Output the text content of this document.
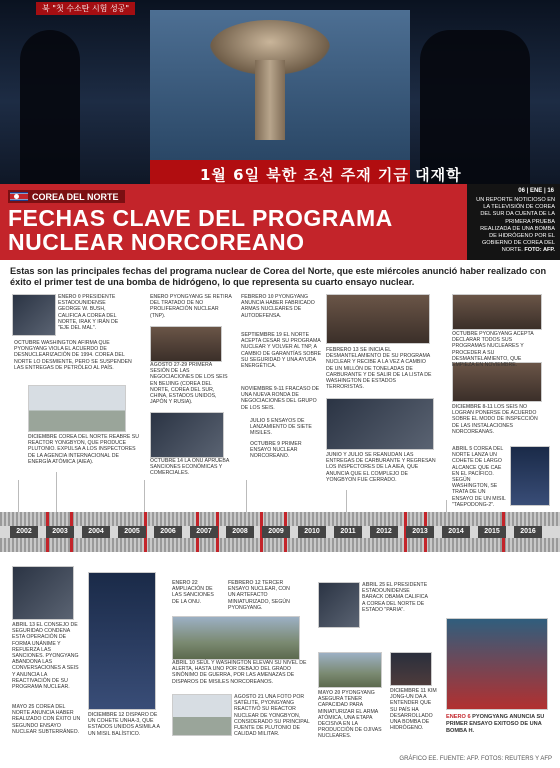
1월 6일 북한 조선 주재 기금 대재학
북 "첫 수소탄 시험 성공"
COREA DEL NORTE
FECHAS CLAVE DEL PROGRAMA NUCLEAR NORCOREANO
06 | ENE | 16
UN REPORTE NOTICIOSO EN LA TELEVISIÓN DE COREA DEL SUR DA CUENTA DE LA PRIMERA PRUEBA REALIZADA DE UNA BOMBA DE HIDRÓGENO POR EL GOBIERNO DE COREA DEL NORTE. FOTO: AFP.
Estas son las principales fechas del programa nuclear de Corea del Norte, que este miércoles anunció haber realizado con éxito el primer test de una bomba de hidrógeno, lo que representa su cuarto ensayo nuclear.
ENERO 0 PRESIDENTE ESTADOUNIDENSE GEORGE W. BUSH, CALIFICA A COREA DEL NORTE, IRAK Y IRÁN DE "EJE DEL MAL".
OCTUBRE WASHINGTON AFIRMA QUE PYONGYANG VIOLA EL ACUERDO DE DESNUCLEARIZACIÓN DE 1994. COREA DEL NORTE LO DESMIENTE, PERO SE SUSPENDEN LAS ENTREGAS DE PETRÓLEO AL PAÍS.
DICIEMBRE COREA DEL NORTE REABRE SU REACTOR YONGBYON, QUE PRODUCE PLUTONIO. EXPULSA A LOS INSPECTORES DE LA AGENCIA INTERNACIONAL DE ENERGÍA ATÓMICA (AIEA).
ENERO PYONGYANG SE RETIRA DEL TRATADO DE NO PROLIFERACIÓN NUCLEAR (TNP).
AGOSTO 27-29 PRIMERA SESIÓN DE LAS NEGOCIACIONES DE LOS SEIS EN BEIJING (COREA DEL NORTE, COREA DEL SUR, CHINA, ESTADOS UNIDOS, JAPÓN Y RUSIA).
OCTUBRE 14 LA ONU APRUEBA SANCIONES ECONÓMICAS Y COMERCIALES.
FEBRERO 10 PYONGYANG ANUNCIA HABER FABRICADO ARMAS NUCLEARES DE AUTODEFENSA.
SEPTIEMBRE 19 EL NORTE ACEPTA CESAR SU PROGRAMA NUCLEAR Y VOLVER AL TNP, A CAMBIO DE GARANTÍAS SOBRE SU SEGURIDAD Y UNA AYUDA ENERGÉTICA.
NOVIEMBRE 9-11 FRACASO DE UNA NUEVA RONDA DE NEGOCIACIONES DEL GRUPO DE LOS SEIS.
JULIO 5 ENSAYOS DE LANZAMIENTO DE SIETE MISILES.
OCTUBRE 9 PRIMER ENSAYO NUCLEAR NORCOREANO.
FEBRERO 13 SE INICIA EL DESMANTELAMIENTO DE SU PROGRAMA NUCLEAR Y RECIBE A LA VEZ A CAMBIO DE UN MILLÓN DE TONELADAS DE CARBURANTE Y DE SALIR DE LA LISTA DE WASHINGTON DE ESTADOS TERRORISTAS.
JUNIO Y JULIO SE REANUDAN LAS ENTREGAS DE CARBURANTE Y REGRESAN LOS INSPECTORES DE LA AIEA, QUE ANUNCIA QUE EL COMPLEJO DE YONGBYON FUE CERRADO.
OCTUBRE PYONGYANG ACEPTA DECLARAR TODOS SUS PROGRAMAS NUCLEARES Y PROCEDER A SU DESMANTELAMIENTO, QUE EMPIEZA EN NOVIEMBRE.
DICIEMBRE 8-11 LOS SEIS NO LOGRAN PONERSE DE ACUERDO SOBRE EL MODO DE INSPECCIÓN DE LAS INSTALACIONES NORCOREANAS.
ABRIL 5 COREA DEL NORTE LANZA UN COHETE DE LARGO ALCANCE QUE CAE EN EL PACÍFICO. SEGÚN WASHINGTON, SE TRATA DE UN ENSAYO DE UN MISIL "TAEPODONG-2".
2002	2003	2004	2005	2006	2007	2008	2009	2010	2011	2012	2013	2014	2015	2016
ABRIL 13 EL CONSEJO DE SEGURIDAD CONDENA ESTA OPERACIÓN DE FORMA UNÁNIME Y REFUERZA LAS SANCIONES. PYONGYANG ABANDONA LAS CONVERSACIONES A SEIS Y ANUNCIA LA REACTIVACIÓN DE SU PROGRAMA NUCLEAR.
MAYO 25 COREA DEL NORTE ANUNCIA HABER REALIZADO CON ÉXITO UN SEGUNDO ENSAYO NUCLEAR SUBTERRÁNEO.
DICIEMBRE 12 DISPARO DE UN COHETE UNHA-3, QUE ESTADOS UNIDOS ASIMILA A UN MISIL BALÍSTICO.
ENERO 22 AMPLIACIÓN DE LAS SANCIONES DE LA ONU.
FEBRERO 12 TERCER ENSAYO NUCLEAR, CON UN ARTEFACTO MINIATURIZADO, SEGÚN PYONGYANG.
ABRIL 10 SEÚL Y WASHINGTON ELEVAN SU NIVEL DE ALERTA, HASTA UNO POR DEBAJO DEL GRADO SINÓNIMO DE GUERRA, POR LAS AMENAZAS DE DISPAROS DE MISILES NORCOREANOS.
AGOSTO 21 UNA FOTO POR SATÉLITE, PYONGYANG REACTIVÓ SU REACTOR NUCLEAR DE YONGBYON, CONSIDERADO SU PRINCIPAL FUENTE DE PLUTONIO DE CALIDAD MILITAR.
ABRIL 25 EL PRESIDENTE ESTADOUNIDENSE BARACK OBAMA CALIFICA A COREA DEL NORTE DE ESTADO "PARIA".
MAYO 20 PYONGYANG ASEGURA TENER CAPACIDAD PARA MINIATURIZAR EL ARMA ATÓMICA, UNA ETAPA DECISIVA EN LA PRODUCCIÓN DE OJIVAS NUCLEARES.
DICIEMBRE 11 KIM JONG-UN DA A ENTENDER QUE SU PAÍS HA DESARROLLADO UNA BOMBA DE HIDRÓGENO.
ENERO 6 PYONGYANG ANUNCIA SU PRIMER ENSAYO EXITOSO DE UNA BOMBA H.
GRÁFICO EE. FUENTE: AFP. FOTOS: REUTERS Y AFP
